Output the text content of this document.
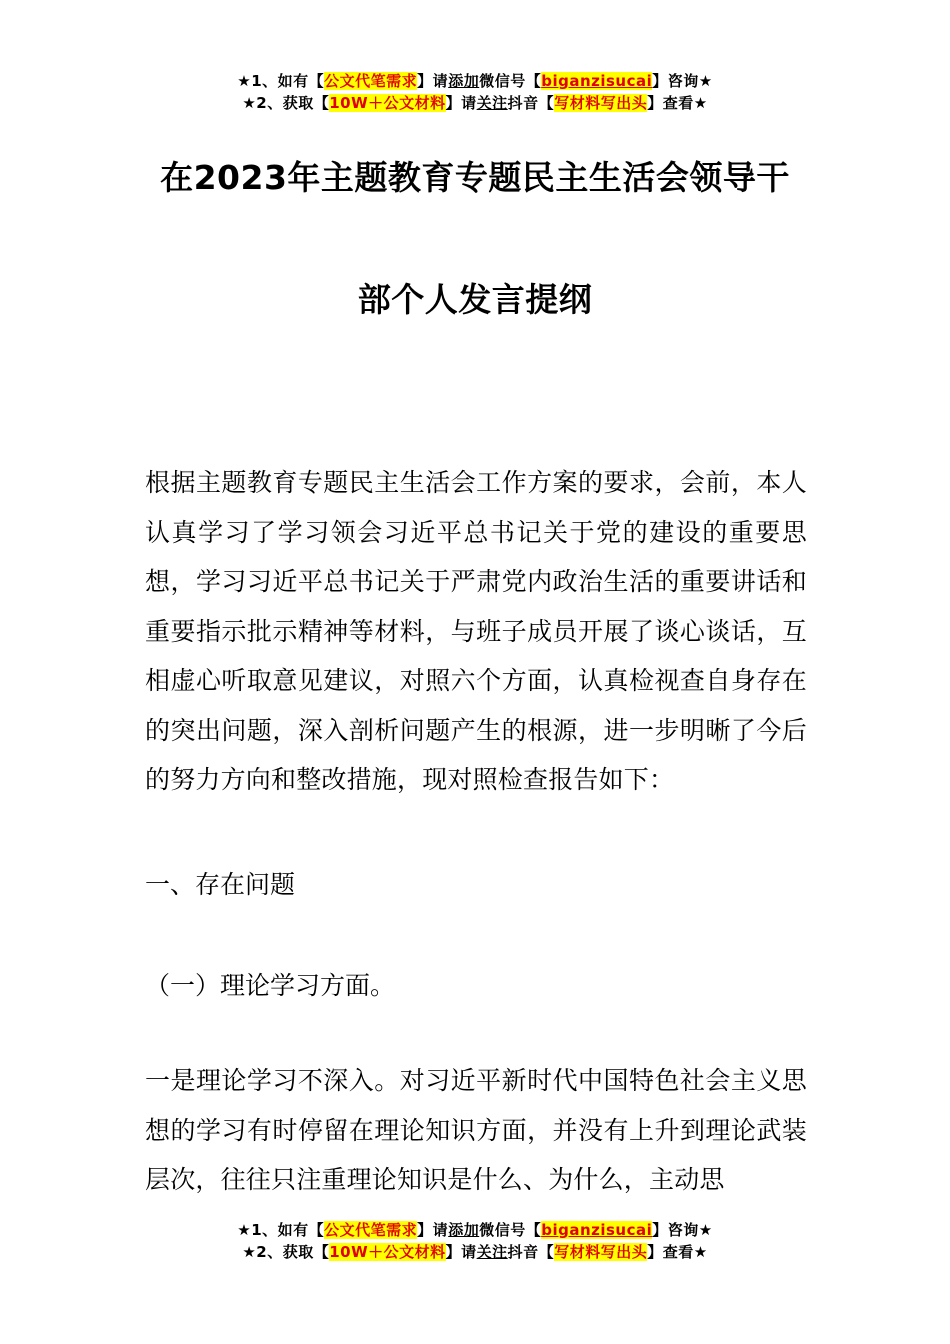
★1、如有【公文代笔需求】请添加微信号【biganzisucai】咨询★
★2、获取【10W＋公文材料】请关注抖音【写材料写出头】查看★
在2023年主题教育专题民主生活会领导干
部个人发言提纲

根据主题教育专题民主生活会工作方案的要求，会前，本人认真学习了学习领会习近平总书记关于党的建设的重要思想，学习习近平总书记关于严肃党内政治生活的重要讲话和重要指示批示精神等材料，与班子成员开展了谈心谈话，互相虚心听取意见建议，对照六个方面，认真检视查自身存在的突出问题，深入剖析问题产生的根源，进一步明晰了今后的努力方向和整改措施，现对照检查报告如下：

一、存在问题
（一）理论学习方面。

一是理论学习不深入。对习近平新时代中国特色社会主义思想的学习有时停留在理论知识方面，并没有上升到理论武装层次，往往只注重理论知识是什么、为什么，主动思

★1、如有【公文代笔需求】请添加微信号【biganzisucai】咨询★
★2、获取【10W＋公文材料】请关注抖音【写材料写出头】查看★
